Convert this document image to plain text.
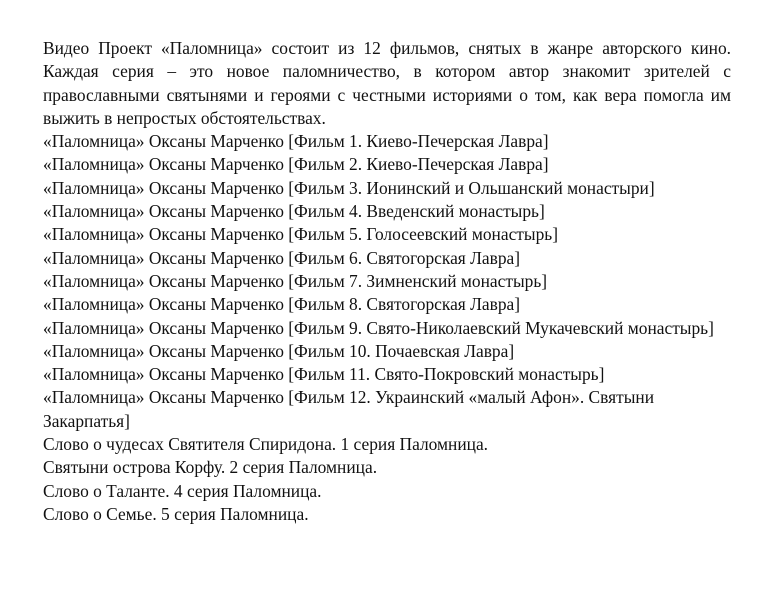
Видео Проект «Паломница» состоит из 12 фильмов, снятых в жанре авторского кино. Каждая серия – это новое паломничество, в котором автор знакомит зрителей с православными святынями и героями с честными историями о том, как вера помогла им выжить в непростых обстоятельствах.

«Паломница» Оксаны Марченко [Фильм 1. Киево-Печерская Лавра]
«Паломница» Оксаны Марченко [Фильм 2. Киево-Печерская Лавра]
«Паломница» Оксаны Марченко [Фильм 3. Ионинский и Ольшанский монастыри]
«Паломница» Оксаны Марченко [Фильм 4. Введенский монастырь]
«Паломница» Оксаны Марченко [Фильм 5. Голосеевский монастырь]
«Паломница» Оксаны Марченко [Фильм 6. Святогорская Лавра]
«Паломница» Оксаны Марченко [Фильм 7. Зимненский монастырь]
«Паломница» Оксаны Марченко [Фильм 8. Святогорская Лавра]
«Паломница» Оксаны Марченко [Фильм 9. Свято-Николаевский Мукачевский монастырь]
«Паломница» Оксаны Марченко [Фильм 10. Почаевская Лавра]
«Паломница» Оксаны Марченко [Фильм 11. Свято-Покровский монастырь]
«Паломница» Оксаны Марченко [Фильм 12. Украинский «малый Афон». Святыни Закарпатья]
Слово о чудесах Святителя Спиридона. 1 серия Паломница.
Святыни острова Корфу. 2 серия Паломница.
Слово о Таланте. 4 серия Паломница.
Слово о Семье. 5 серия Паломница.
